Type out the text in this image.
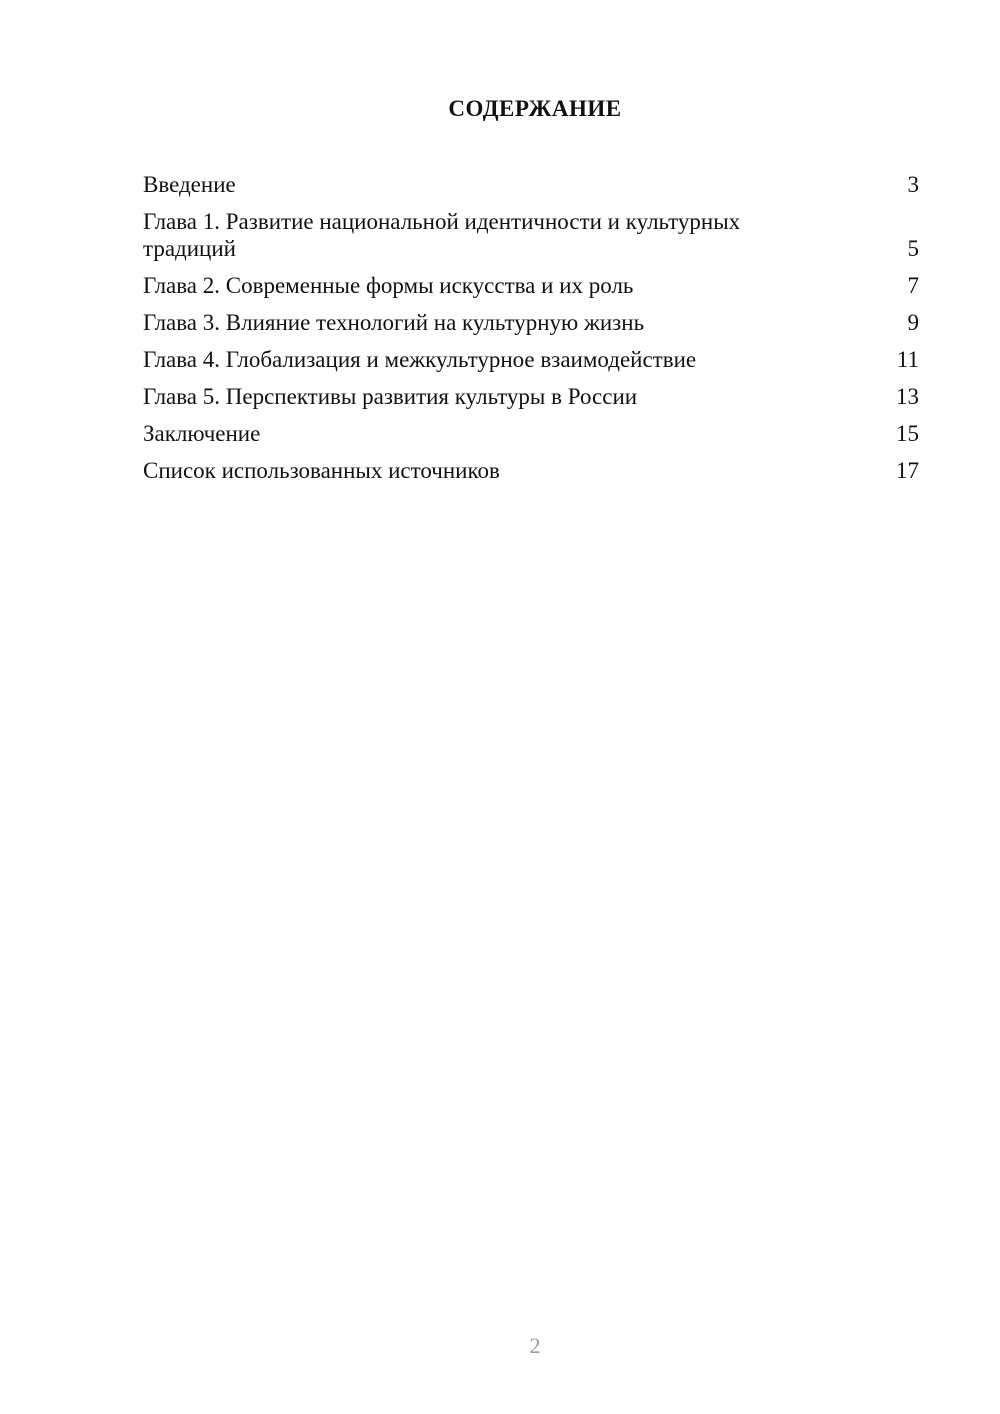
СОДЕРЖАНИЕ
Введение	3
Глава 1. Развитие национальной идентичности и культурных традиций	5
Глава 2. Современные формы искусства и их роль	7
Глава 3. Влияние технологий на культурную жизнь	9
Глава 4. Глобализация и межкультурное взаимодействие	11
Глава 5. Перспективы развития культуры в России	13
Заключение	15
Список использованных источников	17
2
